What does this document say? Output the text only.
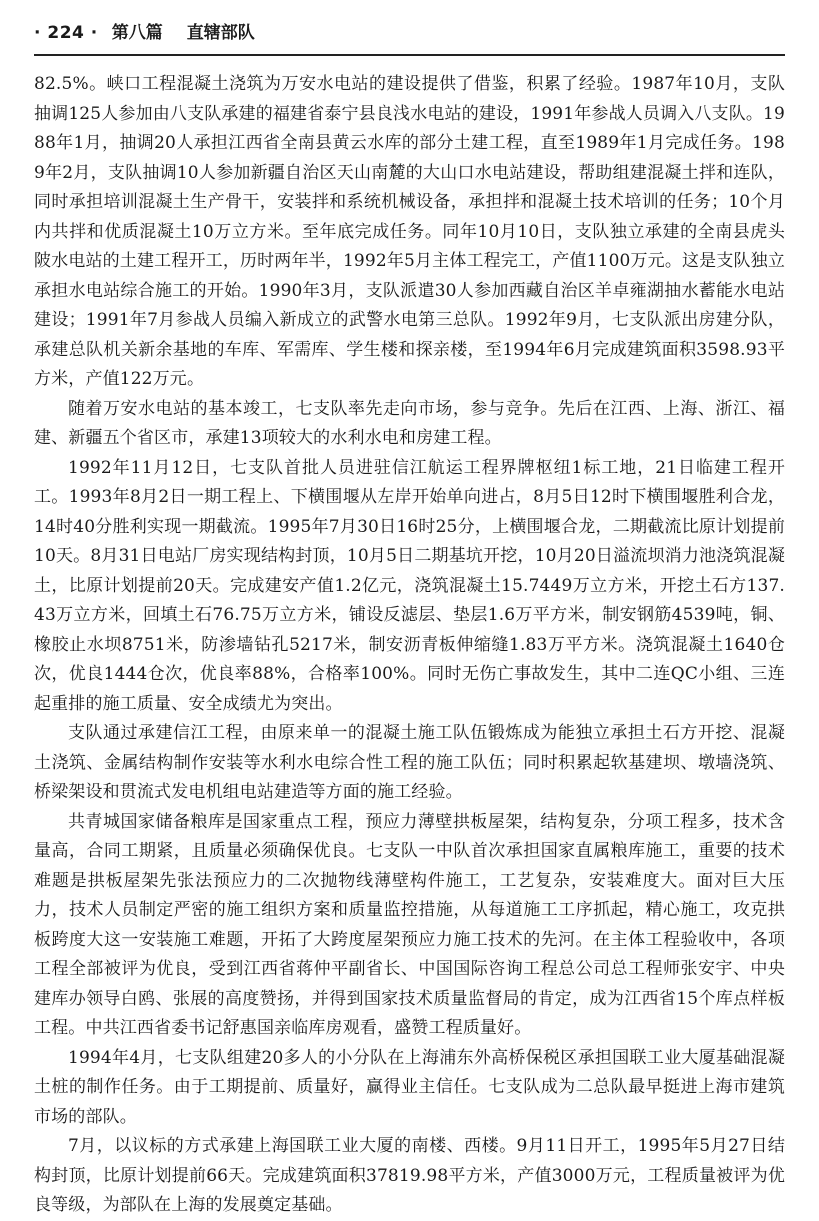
· 224 · 第八篇 直辖部队

82.5%。峡口工程混凝土浇筑为万安水电站的建设提供了借鉴，积累了经验。1987年10月，支队抽调125人参加由八支队承建的福建省泰宁县良浅水电站的建设，1991年参战人员调入八支队。1988年1月，抽调20人承担江西省全南县黄云水库的部分土建工程，直至1989年1月完成任务。1989年2月，支队抽调10人参加新疆自治区天山南麓的大山口水电站建设，帮助组建混凝土拌和连队，同时承担培训混凝土生产骨干，安装拌和系统机械设备，承担拌和混凝土技术培训的任务；10个月内共拌和优质混凝土10万立方米。至年底完成任务。同年10月10日，支队独立承建的全南县虎头陂水电站的土建工程开工，历时两年半，1992年5月主体工程完工，产值1100万元。这是支队独立承担水电站综合施工的开始。1990年3月，支队派遣30人参加西藏自治区羊卓雍湖抽水蓄能水电站建设；1991年7月参战人员编入新成立的武警水电第三总队。1992年9月，七支队派出房建分队，承建总队机关新余基地的车库、军需库、学生楼和探亲楼，至1994年6月完成建筑面积3598.93平方米，产值122万元。

随着万安水电站的基本竣工，七支队率先走向市场，参与竞争。先后在江西、上海、浙江、福建、新疆五个省区市，承建13项较大的水利水电和房建工程。

1992年11月12日，七支队首批人员进驻信江航运工程界牌枢纽1标工地，21日临建工程开工。1993年8月2日一期工程上、下横围堰从左岸开始单向进占，8月5日12时下横围堰胜利合龙，14时40分胜利实现一期截流。1995年7月30日16时25分，上横围堰合龙，二期截流比原计划提前10天。8月31日电站厂房实现结构封顶，10月5日二期基坑开挖，10月20日溢流坝消力池浇筑混凝土，比原计划提前20天。完成建安产值1.2亿元，浇筑混凝土15.7449万立方米，开挖土石方137.43万立方米，回填土石76.75万立方米，铺设反滤层、垫层1.6万平方米，制安钢筋4539吨，铜、橡胶止水坝8751米，防渗墙钻孔5217米，制安沥青板伸缩缝1.83万平方米。浇筑混凝土1640仓次，优良1444仓次，优良率88%，合格率100%。同时无伤亡事故发生，其中二连QC小组、三连起重排的施工质量、安全成绩尤为突出。

支队通过承建信江工程，由原来单一的混凝土施工队伍锻炼成为能独立承担土石方开挖、混凝土浇筑、金属结构制作安装等水利水电综合性工程的施工队伍；同时积累起软基建坝、墩墙浇筑、桥梁架设和贯流式发电机组电站建造等方面的施工经验。

共青城国家储备粮库是国家重点工程，预应力薄壁拱板屋架，结构复杂，分项工程多，技术含量高，合同工期紧，且质量必须确保优良。七支队一中队首次承担国家直属粮库施工，重要的技术难题是拱板屋架先张法预应力的二次抛物线薄壁构件施工，工艺复杂，安装难度大。面对巨大压力，技术人员制定严密的施工组织方案和质量监控措施，从每道施工工序抓起，精心施工，攻克拱板跨度大这一安装施工难题，开拓了大跨度屋架预应力施工技术的先河。在主体工程验收中，各项工程全部被评为优良，受到江西省蒋仲平副省长、中国国际咨询工程总公司总工程师张安宇、中央建库办领导白鸥、张展的高度赞扬，并得到国家技术质量监督局的肯定，成为江西省15个库点样板工程。中共江西省委书记舒惠国亲临库房观看，盛赞工程质量好。

1994年4月，七支队组建20多人的小分队在上海浦东外高桥保税区承担国联工业大厦基础混凝土桩的制作任务。由于工期提前、质量好，赢得业主信任。七支队成为二总队最早挺进上海市建筑市场的部队。

7月，以议标的方式承建上海国联工业大厦的南楼、西楼。9月11日开工，1995年5月27日结构封顶，比原计划提前66天。完成建筑面积37819.98平方米，产值3000万元，工程质量被评为优良等级，为部队在上海的发展奠定基础。
